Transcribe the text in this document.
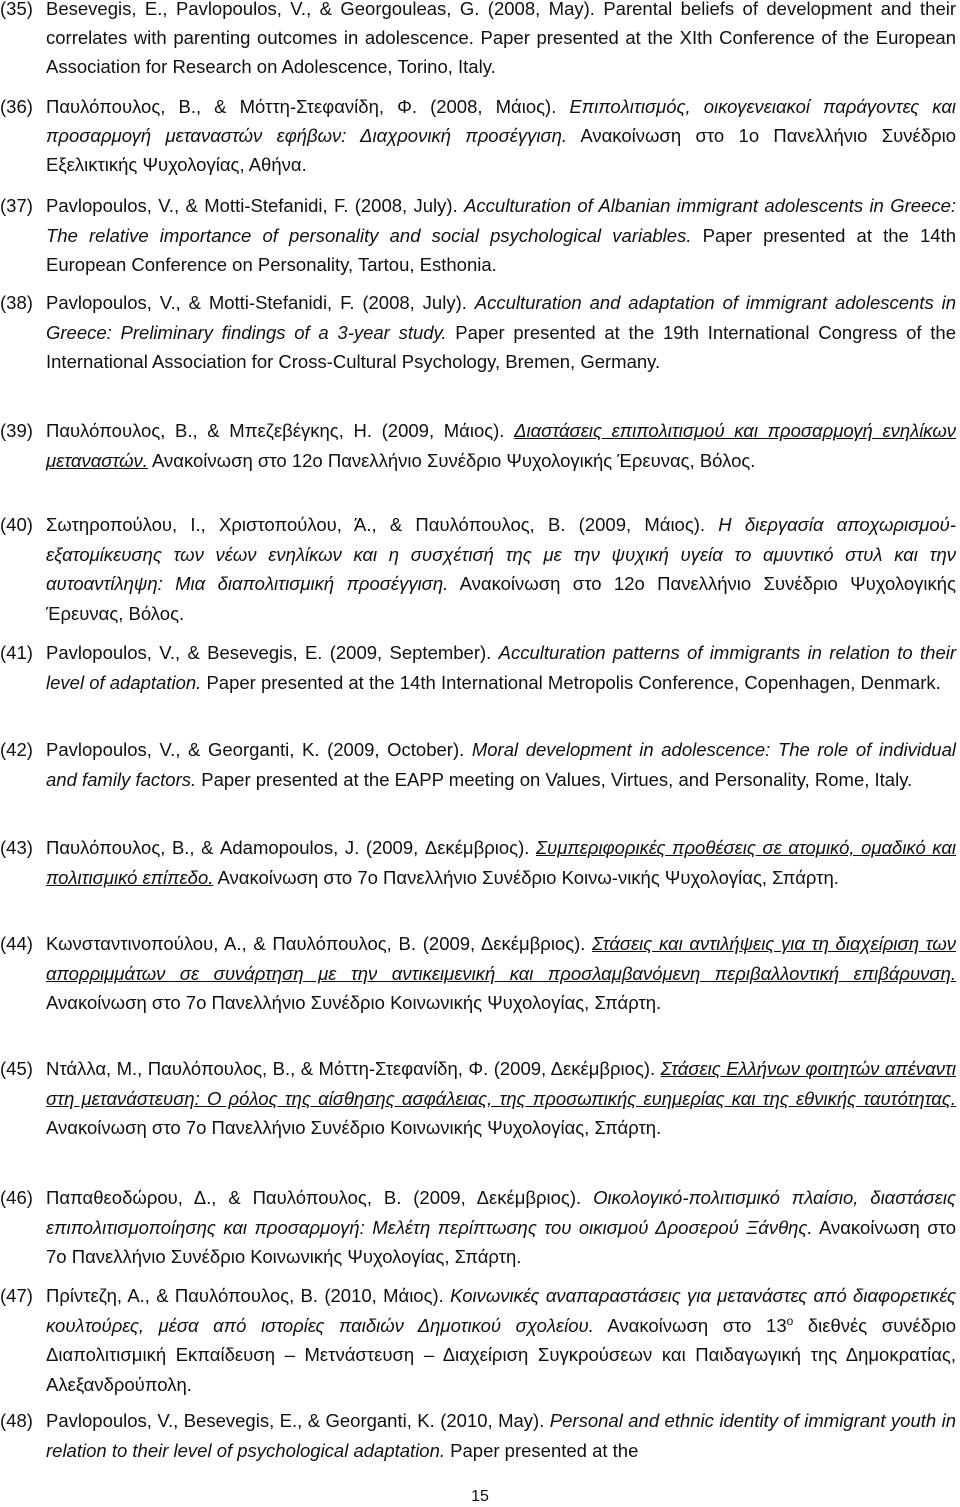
(35) Besevegis, E., Pavlopoulos, V., & Georgouleas, G. (2008, May). Parental beliefs of development and their correlates with parenting outcomes in adolescence. Paper presented at the XIth Conference of the European Association for Research on Adolescence, Torino, Italy.
(36) Παυλόπουλος, Β., & Μόττη-Στεφανίδη, Φ. (2008, Μάιος). Επιπολιτισμός, οικογενειακοί παράγοντες και προσαρμογή μεταναστών εφήβων: Διαχρονική προσέγγιση. Ανακοίνωση στο 1ο Πανελλήνιο Συνέδριο Εξελικτικής Ψυχολογίας, Αθήνα.
(37) Pavlopoulos, V., & Motti-Stefanidi, F. (2008, July). Acculturation of Albanian immigrant adolescents in Greece: The relative importance of personality and social psychological variables. Paper presented at the 14th European Conference on Personality, Tartou, Esthonia.
(38) Pavlopoulos, V., & Motti-Stefanidi, F. (2008, July). Acculturation and adaptation of immigrant adolescents in Greece: Preliminary findings of a 3-year study. Paper presented at the 19th International Congress of the International Association for Cross-Cultural Psychology, Bremen, Germany.
(39) Παυλόπουλος, Β., & Μπεζεβέγκης, Η. (2009, Μάιος). Διαστάσεις επιπολιτισμού και προσαρμογή ενηλίκων μεταναστών. Ανακοίνωση στο 12ο Πανελλήνιο Συνέδριο Ψυχολογικής Έρευνας, Βόλος.
(40) Σωτηροπούλου, Ι., Χριστοπούλου, Ά., & Παυλόπουλος, Β. (2009, Μάιος). Η διεργασία αποχωρισμού-εξατομίκευσης των νέων ενηλίκων και η συσχέτισή της με την ψυχική υγεία το αμυντικό στυλ και την αυτοαντίληψη: Μια διαπολιτισμική προσέγγιση. Ανακοίνωση στο 12ο Πανελλήνιο Συνέδριο Ψυχολογικής Έρευνας, Βόλος.
(41) Pavlopoulos, V., & Besevegis, E. (2009, September). Acculturation patterns of immigrants in relation to their level of adaptation. Paper presented at the 14th International Metropolis Conference, Copenhagen, Denmark.
(42) Pavlopoulos, V., & Georganti, K. (2009, October). Moral development in adolescence: The role of individual and family factors. Paper presented at the EAPP meeting on Values, Virtues, and Personality, Rome, Italy.
(43) Παυλόπουλος, Β., & Adamopoulos, J. (2009, Δεκέμβριος). Συμπεριφορικές προθέσεις σε ατομικό, ομαδικό και πολιτισμικό επίπεδο. Ανακοίνωση στο 7ο Πανελλήνιο Συνέδριο Κοινω-νικής Ψυχολογίας, Σπάρτη.
(44) Κωνσταντινοπούλου, Α., & Παυλόπουλος, Β. (2009, Δεκέμβριος). Στάσεις και αντιλήψεις για τη διαχείριση των απορριμμάτων σε συνάρτηση με την αντικειμενική και προσλαμβανόμενη περιβαλλοντική επιβάρυνση. Ανακοίνωση στο 7ο Πανελλήνιο Συνέδριο Κοινωνικής Ψυχολογίας, Σπάρτη.
(45) Ντάλλα, Μ., Παυλόπουλος, Β., & Μόττη-Στεφανίδη, Φ. (2009, Δεκέμβριος). Στάσεις Ελλήνων φοιτητών απέναντι στη μετανάστευση: Ο ρόλος της αίσθησης ασφάλειας, της προσωπικής ευημερίας και της εθνικής ταυτότητας. Ανακοίνωση στο 7ο Πανελλήνιο Συνέδριο Κοινωνικής Ψυχολογίας, Σπάρτη.
(46) Παπαθεοδώρου, Δ., & Παυλόπουλος, Β. (2009, Δεκέμβριος). Οικολογικό-πολιτισμικό πλαίσιο, διαστάσεις επιπολιτισμοποίησης και προσαρμογή: Μελέτη περίπτωσης του οικισμού Δροσερού Ξάνθης. Ανακοίνωση στο 7ο Πανελλήνιο Συνέδριο Κοινωνικής Ψυχολογίας, Σπάρτη.
(47) Πρίντεζη, Α., & Παυλόπουλος, Β. (2010, Μάιος). Κοινωνικές αναπαραστάσεις για μετανάστες από διαφορετικές κουλτούρες, μέσα από ιστορίες παιδιών Δημοτικού σχολείου. Ανακοίνωση στο $13^o$ διεθνές συνέδριο Διαπολιτισμική Εκπαίδευση – Μετνάστευση – Διαχείριση Συγκρούσεων και Παιδαγωγική της Δημοκρατίας, Αλεξανδρούπολη.
(48) Pavlopoulos, V., Besevegis, E., & Georganti, K. (2010, May). Personal and ethnic identity of immigrant youth in relation to their level of psychological adaptation. Paper presented at the
15
